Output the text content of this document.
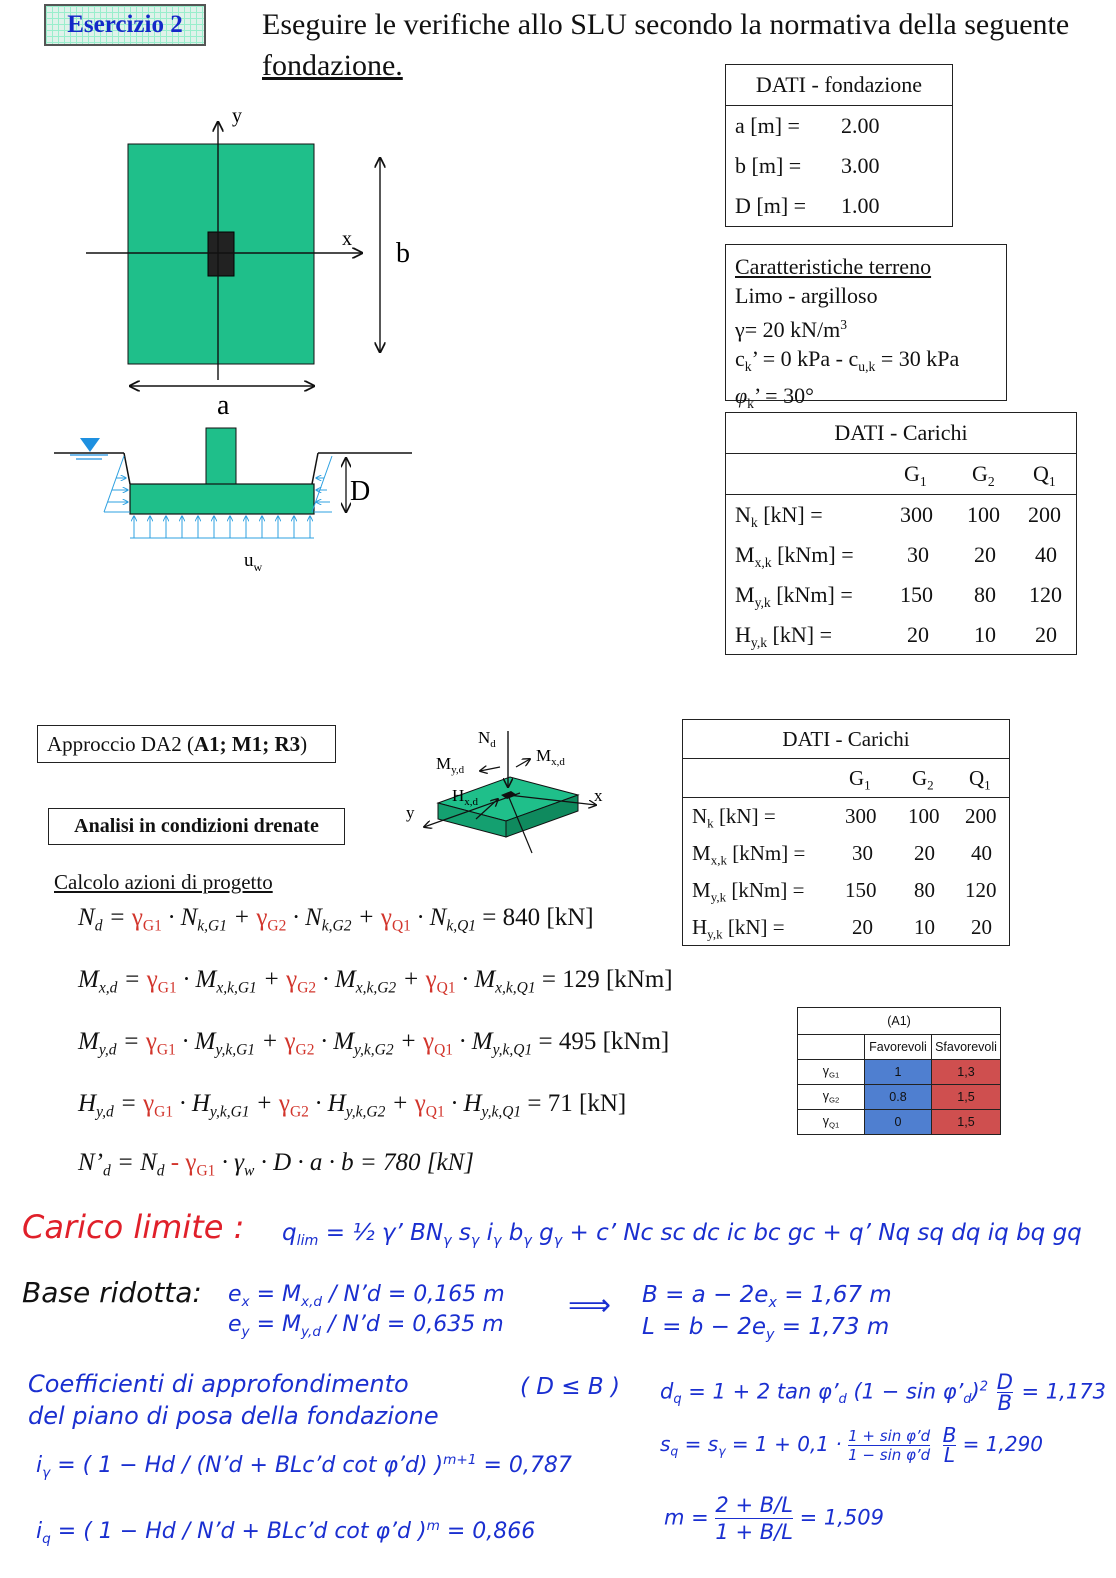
Esercizio 2	Eseguire le verifiche allo SLU secondo la normativa della seguente fondazione.
y
x b
a
D
$u_w$
DATI - fondazione
a [m] = 2.00
b [m] = 3.00
D [m] = 1.00
Caratteristiche terreno
Limo - argilloso
γ= 20 $kN/m^3$
$c_k$’ = 0 kPa - $c_{u,k} = 30$ kPa
$\varphi_k$’ = 30°
DATI - Carichi
$G_1$ $G_2$ $Q_1$
$N_k$ [kN] =	300 100 200
$M_{x,k}$ [kNm] = 30 20 40
$M_{y,k}$ [kNm] = 150 80 120
$H_{y,k}$ [kN] =	20 10 20
Approccio DA2 (A1; M1; R3)
Analisi in condizioni drenate
Calcolo azioni di progetto
$N_d$
$M_{y,d}$
$M_{x,d}$
$H_{x,d}$	x
y
DATI - Carichi
$G_1$ $G_2$ $Q_1$
$N_k$ [kN] =	300 100 200
$M_{x,k}$ [kNm] = 30 20 40
$M_{y,k}$ [kNm] = 150 80 120
$H_{y,k}$ [kN] =	20 10 20
$N_d = \gamma_{G1} \cdot N_{k,G1} + \gamma_{G2} \cdot N_{k,G2} + \gamma_{Q1} \cdot N_{k,Q1} = 840$ [kN]
$M_{x,d} = \gamma_{G1} \cdot M_{x,k,G1} + \gamma_{G2} \cdot M_{x,k,G2} + \gamma_{Q1} \cdot M_{x,k,Q1} = 129$ [kNm]
$M_{y,d} = \gamma_{G1} \cdot M_{y,k,G1} + \gamma_{G2} \cdot M_{y,k,G2} + \gamma_{Q1} \cdot M_{y,k,Q1} = 495$ [kNm]
$H_{y,d} = \gamma_{G1} \cdot H_{y,k,G1} + \gamma_{G2} \cdot H_{y,k,G2} + \gamma_{Q1} \cdot H_{y,k,Q1} = 71$ [kN]
$N’_d = N_d - \gamma_{G1} \cdot \gamma_w \cdot D \cdot a \cdot b = 780$ [kN]
(A1)		
	Favorevoli	Sfavorevoli
$\gamma_{G1}$	1	1,3
$\gamma_{G2}$	0.8	1,5
$\gamma_{Q1}$	0	1,5
Carico limite : $q_{lim}$ = ½ γ’ $BN_\gamma$ $s_\gamma$ $i_\gamma$ $b_\gamma$ $g_\gamma + c$’ Nc sc dc ic bc gc + q’ Nq sq dq iq bq gq
Base ridotta: $e_x = M_{x,d}$ / N’d = 0,165 m
$e_y = M_{y,d}$ / N’d = 0,635 m
⟹ $B = a - 2e_x = 1,67$ m
$L = b - 2e_y = 1,73$ m
Coefficienti di approfondimento
del piano di posa della fondazione
( D ≤ B ) $d_q = 1 + 2$ $\tan \varphi’_d$ $(1 - \sin \varphi’_d)^2 \frac{D}{B} = 1,173$
$s_q = s_\gamma = 1 + 0,1 \cdot \frac{\text{1 + sin φ’d}}{\text{1 − sin φ’d}}$
$\frac{B}{L} = 1,290$
$i_\gamma$ = ( 1 − Hd / (N’d + BLc’d cot φ’d) )$^{m+1}$ = 0,787
$i_q$ = ( 1 − Hd / N’d + BLc’d cot φ’d )$^m$ = 0,866
$m = \frac{2 + B/L}{1 + B/L} = 1,509$
